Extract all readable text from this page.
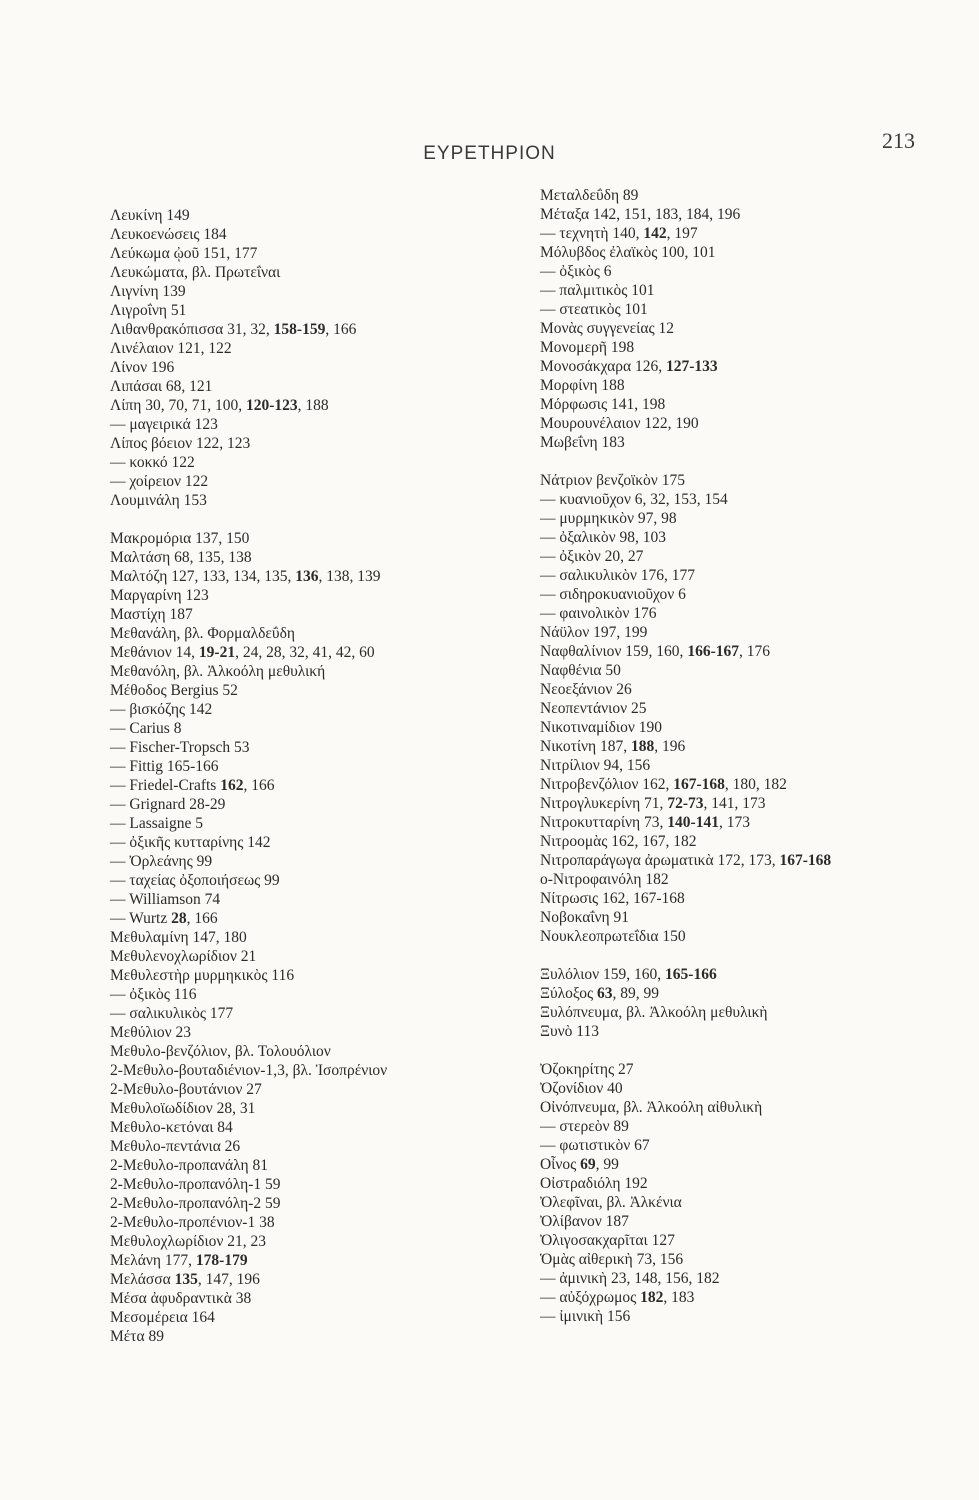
213
ΕΥΡΕΤΗΡΙΟΝ
Λευκίνη 149
Λευκοενώσεις 184
Λεύκωμα ᾠοῦ 151, 177
Λευκώματα, βλ. Πρωτεΐναι
Λιγνίνη 139
Λιγροΐνη 51
Λιθανθρακόπισσα 31, 32, 158-159, 166
Λινέλαιον 121, 122
Λίνον 196
Λιπάσαι 68, 121
Λίπη 30, 70, 71, 100, 120-123, 188
— μαγειρικά 123
Λίπος βόειον 122, 123
— κοκκό 122
— χοίρειον 122
Λουμινάλη 153
Μακρομόρια 137, 150
Μαλτάση 68, 135, 138
Μαλτόζη 127, 133, 134, 135, 136, 138, 139
Μαργαρίνη 123
Μαστίχη 187
Μεθανάλη, βλ. Φορμαλδεΰδη
Μεθάνιον 14, 19-21, 24, 28, 32, 41, 42, 60
Μεθανόλη, βλ. Ἀλκοόλη μεθυλική
Μέθοδος Bergius 52
— βισκόζης 142
— Carius 8
— Fischer-Tropsch 53
— Fittig 165-166
— Friedel-Crafts 162, 166
— Grignard 28-29
— Lassaigne 5
— ὀξικῆς κυτταρίνης 142
— Ὀρλεάνης 99
— ταχείας ὀξοποιήσεως 99
— Williamson 74
— Wurtz 28, 166
Μεθυλαμίνη 147, 180
Μεθυλενοχλωρίδιον 21
Μεθυλεστὴρ μυρμηκικὸς 116
— ὀξικὸς 116
— σαλικυλικὸς 177
Μεθύλιον 23
Μεθυλο-βενζόλιον, βλ. Τολουόλιον
2-Μεθυλο-βουταδιένιον-1,3, βλ. Ἰσοπρένιον
2-Μεθυλο-βουτάνιον 27
Μεθυλοϊωδίδιον 28, 31
Μεθυλο-κετόναι 84
Μεθυλο-πεντάνια 26
2-Μεθυλο-προπανάλη 81
2-Μεθυλο-προπανόλη-1 59
2-Μεθυλο-προπανόλη-2 59
2-Μεθυλο-προπένιον-1 38
Μεθυλοχλωρίδιον 21, 23
Μελάνη 177, 178-179
Μελάσσα 135, 147, 196
Μέσα ἀφυδραντικὰ 38
Μεσομέρεια 164
Μέτα 89
Μεταλδεΰδη 89
Μέταξα 142, 151, 183, 184, 196
— τεχνητὴ 140, 142, 197
Μόλυβδος ἐλαϊκὸς 100, 101
— ὀξικὸς 6
— παλμιτικὸς 101
— στεατικὸς 101
Μονὰς συγγενείας 12
Μονομερῆ 198
Μονοσάκχαρα 126, 127-133
Μορφίνη 188
Μόρφωσις 141, 198
Μουρουνέλαιον 122, 190
Μωβεΐνη 183
Νάτριον βενζοϊκὸν 175
— κυανιοῦχον 6, 32, 153, 154
— μυρμηκικὸν 97, 98
— ὀξαλικὸν 98, 103
— ὀξικὸν 20, 27
— σαλικυλικὸν 176, 177
— σιδηροκυανιοῦχον 6
— φαινολικὸν 176
Νάϋλον 197, 199
Ναφθαλίνιον 159, 160, 166-167, 176
Ναφθένια 50
Νεοεξάνιον 26
Νεοπεντάνιον 25
Νικοτιναμίδιον 190
Νικοτίνη 187, 188, 196
Νιτρίλιον 94, 156
Νιτροβενζόλιον 162, 167-168, 180, 182
Νιτρογλυκερίνη 71, 72-73, 141, 173
Νιτροκυτταρίνη 73, 140-141, 173
Νιτροομὰς 162, 167, 182
Νιτροπαράγωγα ἀρωματικὰ 172, 173, 167-168
o-Νιτροφαινόλη 182
Νίτρωσις 162, 167-168
Νοβοκαΐνη 91
Νουκλεοπρωτεΐδια 150
Ξυλόλιον 159, 160, 165-166
Ξύλοξος 63, 89, 99
Ξυλόπνευμα, βλ. Ἀλκοόλη μεθυλικὴ
Ξυνὸ 113
Ὀζοκηρίτης 27
Ὀζονίδιον 40
Οἰνόπνευμα, βλ. Ἀλκοόλη αἰθυλικὴ
— στερεὸν 89
— φωτιστικὸν 67
Οἶνος 69, 99
Οἰστραδιόλη 192
Ὀλεφῖναι, βλ. Ἀλκένια
Ὀλίβανον 187
Ὀλιγοσακχαρῖται 127
Ὁμὰς αἰθερικὴ 73, 156
— ἀμινικὴ 23, 148, 156, 182
— αὐξόχρωμος 182, 183
— ἰμινικὴ 156
